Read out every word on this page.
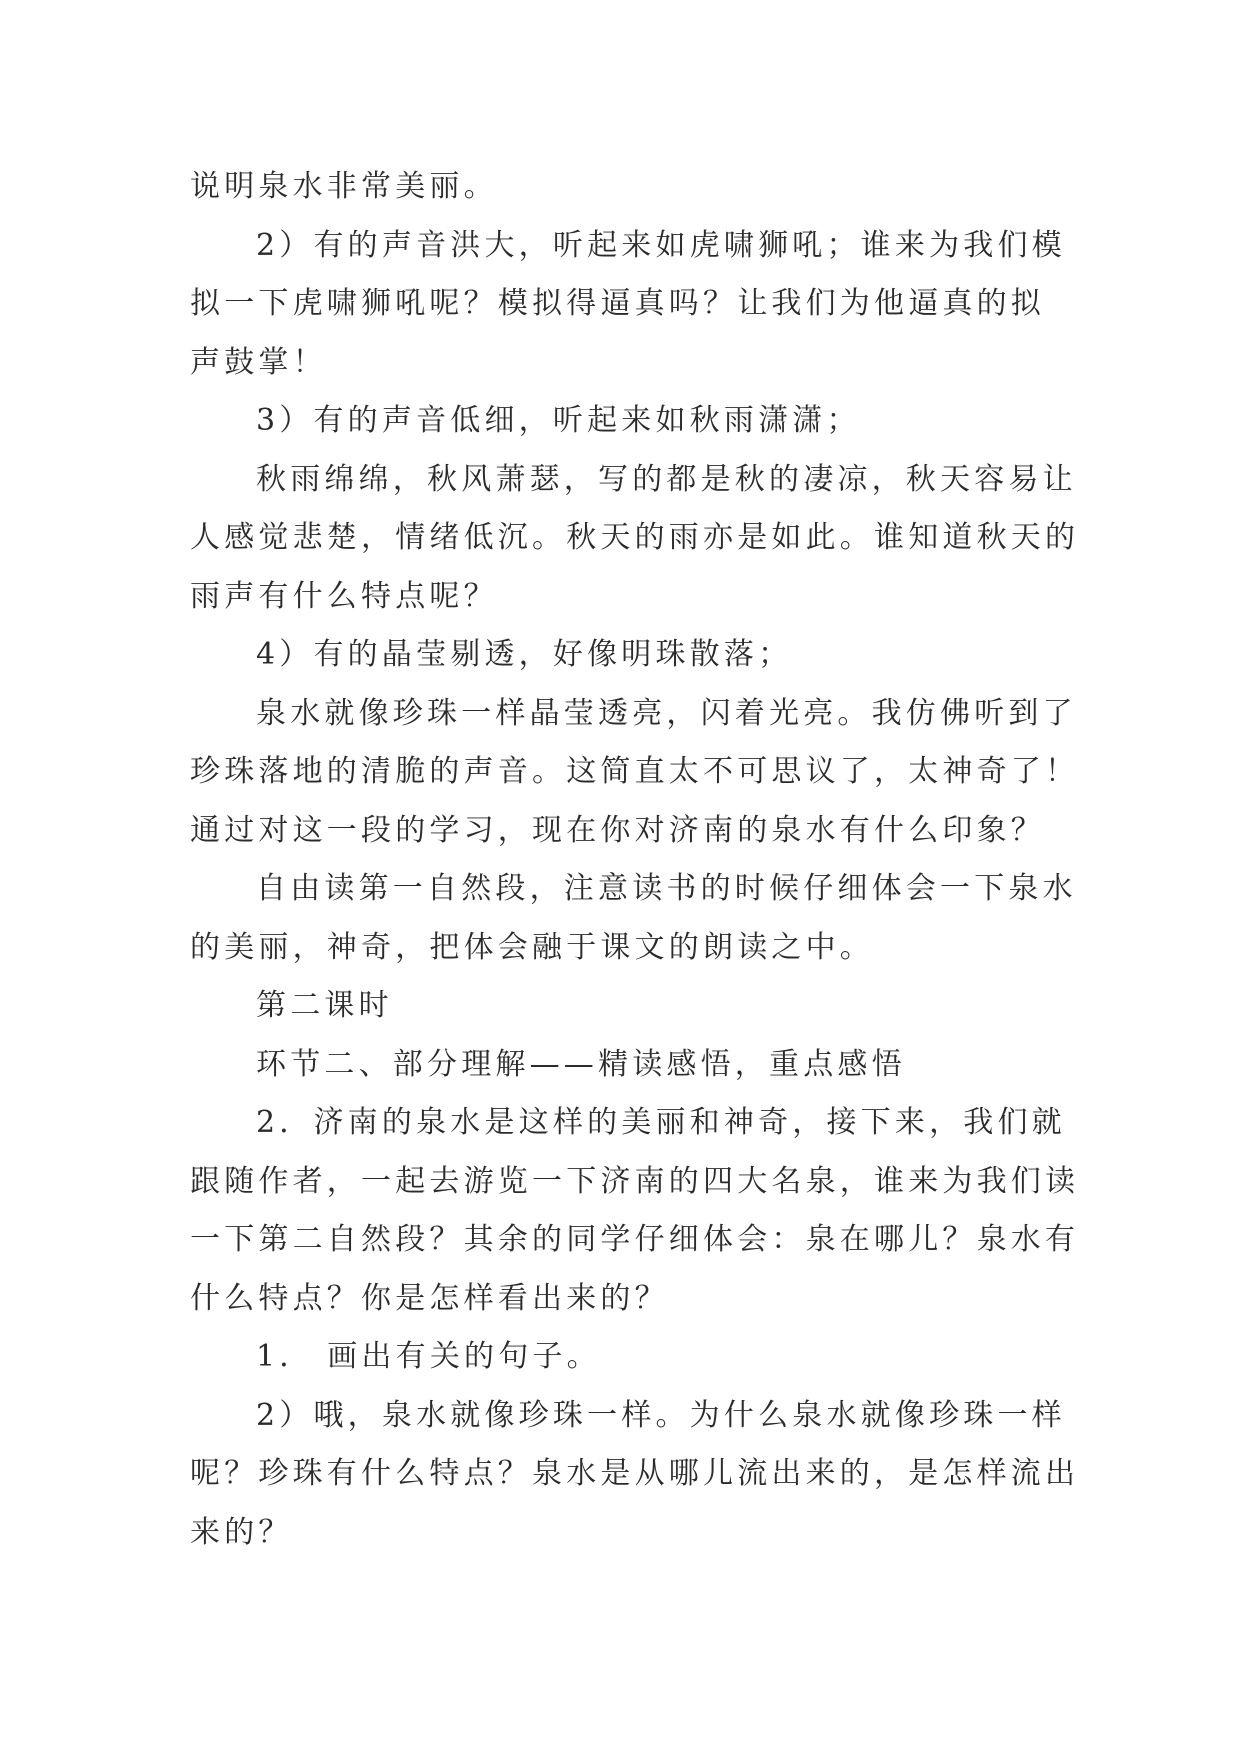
说明泉水非常美丽。
2）有的声音洪大，听起来如虎啸狮吼；谁来为我们模
拟一下虎啸狮吼呢？模拟得逼真吗？让我们为他逼真的拟
声鼓掌！
3）有的声音低细，听起来如秋雨潇潇；
秋雨绵绵，秋风萧瑟，写的都是秋的凄凉，秋天容易让
人感觉悲楚，情绪低沉。秋天的雨亦是如此。谁知道秋天的
雨声有什么特点呢？
4）有的晶莹剔透，好像明珠散落；
泉水就像珍珠一样晶莹透亮，闪着光亮。我仿佛听到了
珍珠落地的清脆的声音。这简直太不可思议了，太神奇了！
通过对这一段的学习，现在你对济南的泉水有什么印象？
自由读第一自然段，注意读书的时候仔细体会一下泉水
的美丽，神奇，把体会融于课文的朗读之中。
第二课时
环节二、部分理解——精读感悟，重点感悟
2．济南的泉水是这样的美丽和神奇，接下来，我们就
跟随作者，一起去游览一下济南的四大名泉，谁来为我们读
一下第二自然段？其余的同学仔细体会：泉在哪儿？泉水有
什么特点？你是怎样看出来的？
1． 画出有关的句子。
2）哦，泉水就像珍珠一样。为什么泉水就像珍珠一样
呢？珍珠有什么特点？泉水是从哪儿流出来的，是怎样流出
来的？
